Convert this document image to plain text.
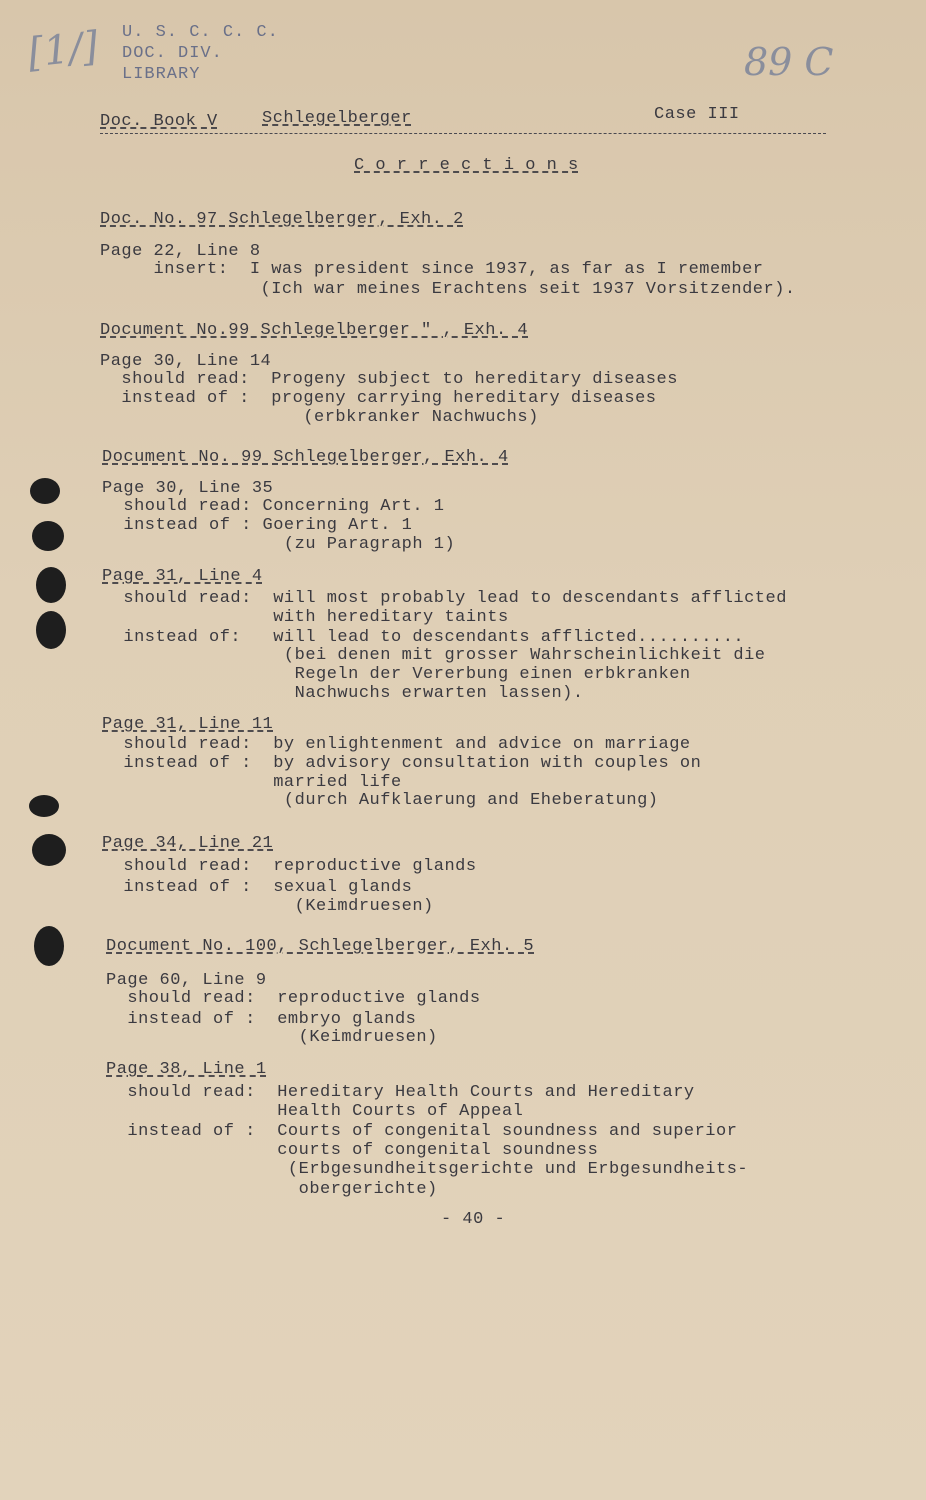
[1/] U. S. C. C. C.
DOC. DIV.
LIBRARY	89 C
Doc. Book V	Schlegelberger	Case III
C o r r e c t i o n s
Doc. No. 97 Schlegelberger, Exh. 2
Page 22, Line 8
insert:  I was president since 1937, as far as I remember
(Ich war meines Erachtens seit 1937 Vorsitzender).
Document No.99 Schlegelberger " , Exh. 4
Page 30, Line 14
should read:  Progeny subject to hereditary diseases
instead of :  progeny carrying hereditary diseases
(erbkranker Nachwuchs)
Document No. 99 Schlegelberger, Exh. 4
Page 30, Line 35
should read: Concerning Art. 1
instead of : Goering Art. 1
(zu Paragraph 1)
Page 31, Line 4
should read:  will most probably lead to descendants afflicted
with hereditary taints
instead of:   will lead to descendants afflicted..........
(bei denen mit grosser Wahrscheinlichkeit die
Regeln der Vererbung einen erbkranken
Nachwuchs erwarten lassen).
Page 31, Line 11
should read:  by enlightenment and advice on marriage
instead of :  by advisory consultation with couples on
married life
(durch Aufklaerung and Eheberatung)
Page 34, Line 21
should read:  reproductive glands
instead of :  sexual glands
(Keimdruesen)
Document No. 100, Schlegelberger, Exh. 5
Page 60, Line 9
should read:  reproductive glands
instead of :  embryo glands
(Keimdruesen)
Page 38, Line 1
should read:  Hereditary Health Courts and Hereditary
Health Courts of Appeal
instead of :  Courts of congenital soundness and superior
courts of congenital soundness
(Erbgesundheitsgerichte und Erbgesundheits-
obergerichte)
- 40 -
